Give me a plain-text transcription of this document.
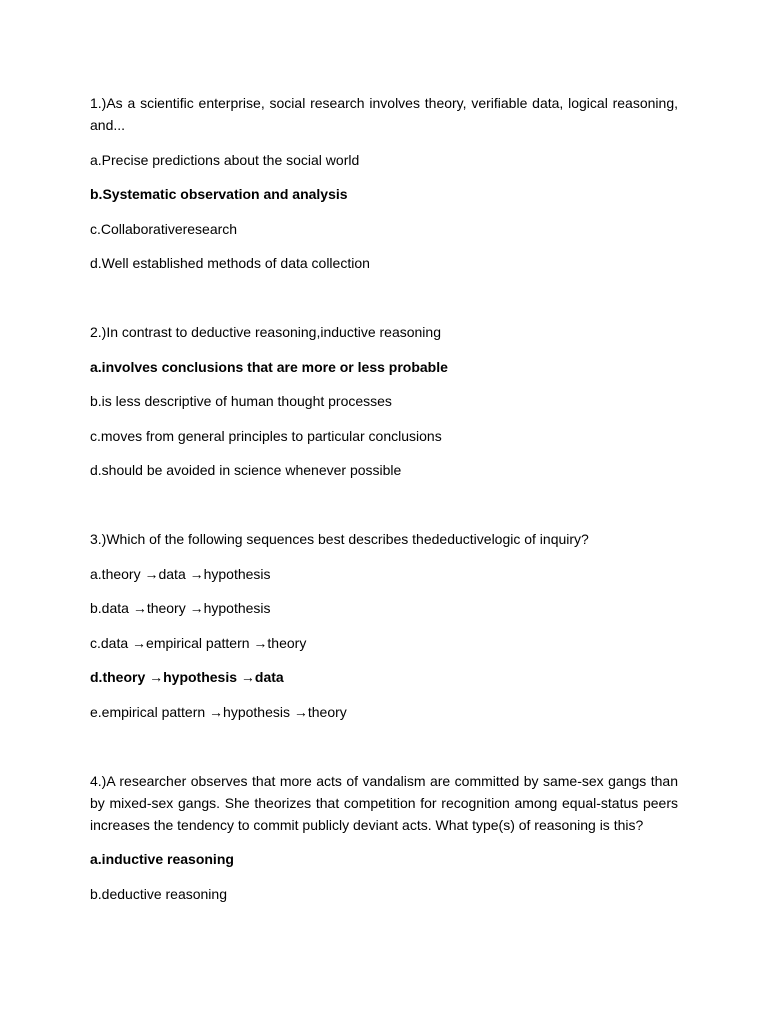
1.)As a scientific enterprise, social research involves theory, verifiable data, logical reasoning, and...

a.Precise predictions about the social world

b.Systematic observation and analysis

c.Collaborativeresearch

d.Well established methods of data collection

2.)In contrast to deductive reasoning,inductive reasoning

a.involves conclusions that are more or less probable

b.is less descriptive of human thought processes

c.moves from general principles to particular conclusions

d.should be avoided in science whenever possible

3.)Which of the following sequences best describes thedeductivelogic of inquiry?

a.theory →data →hypothesis

b.data →theory →hypothesis

c.data →empirical pattern →theory

d.theory →hypothesis →data

e.empirical pattern →hypothesis →theory

4.)A researcher observes that more acts of vandalism are committed by same-sex gangs than by mixed-sex gangs. She theorizes that competition for recognition among equal-status peers increases the tendency to commit publicly deviant acts. What type(s) of reasoning is this?

a.inductive reasoning

b.deductive reasoning
